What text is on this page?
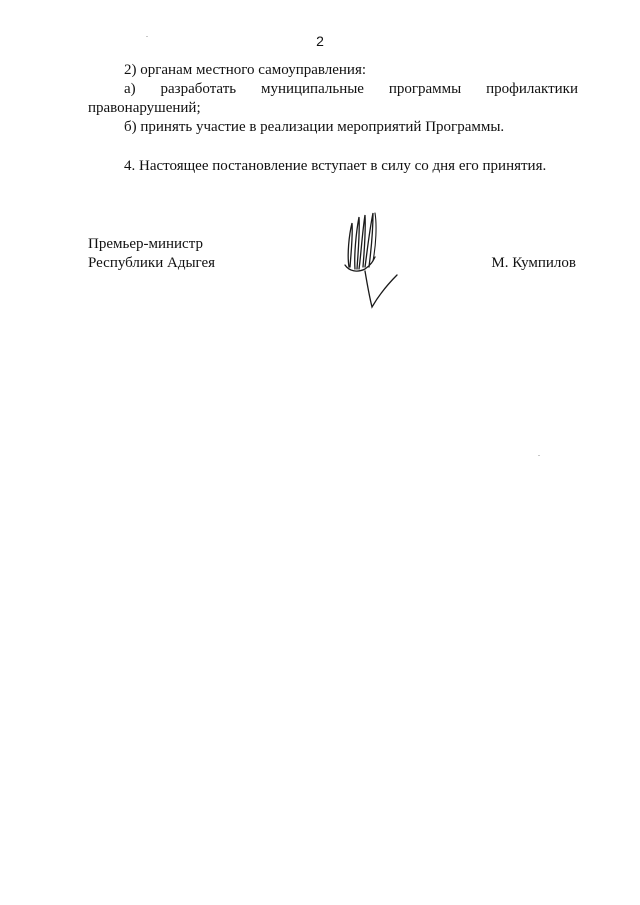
2

2) органам местного самоуправления:

а) разработать муниципальные программы профилактики правонарушений;

б) принять участие в реализации мероприятий Программы.

4. Настоящее постановление вступает в силу со дня его принятия.

Премьер-министр
Республики Адыгея	М. Кумпилов
